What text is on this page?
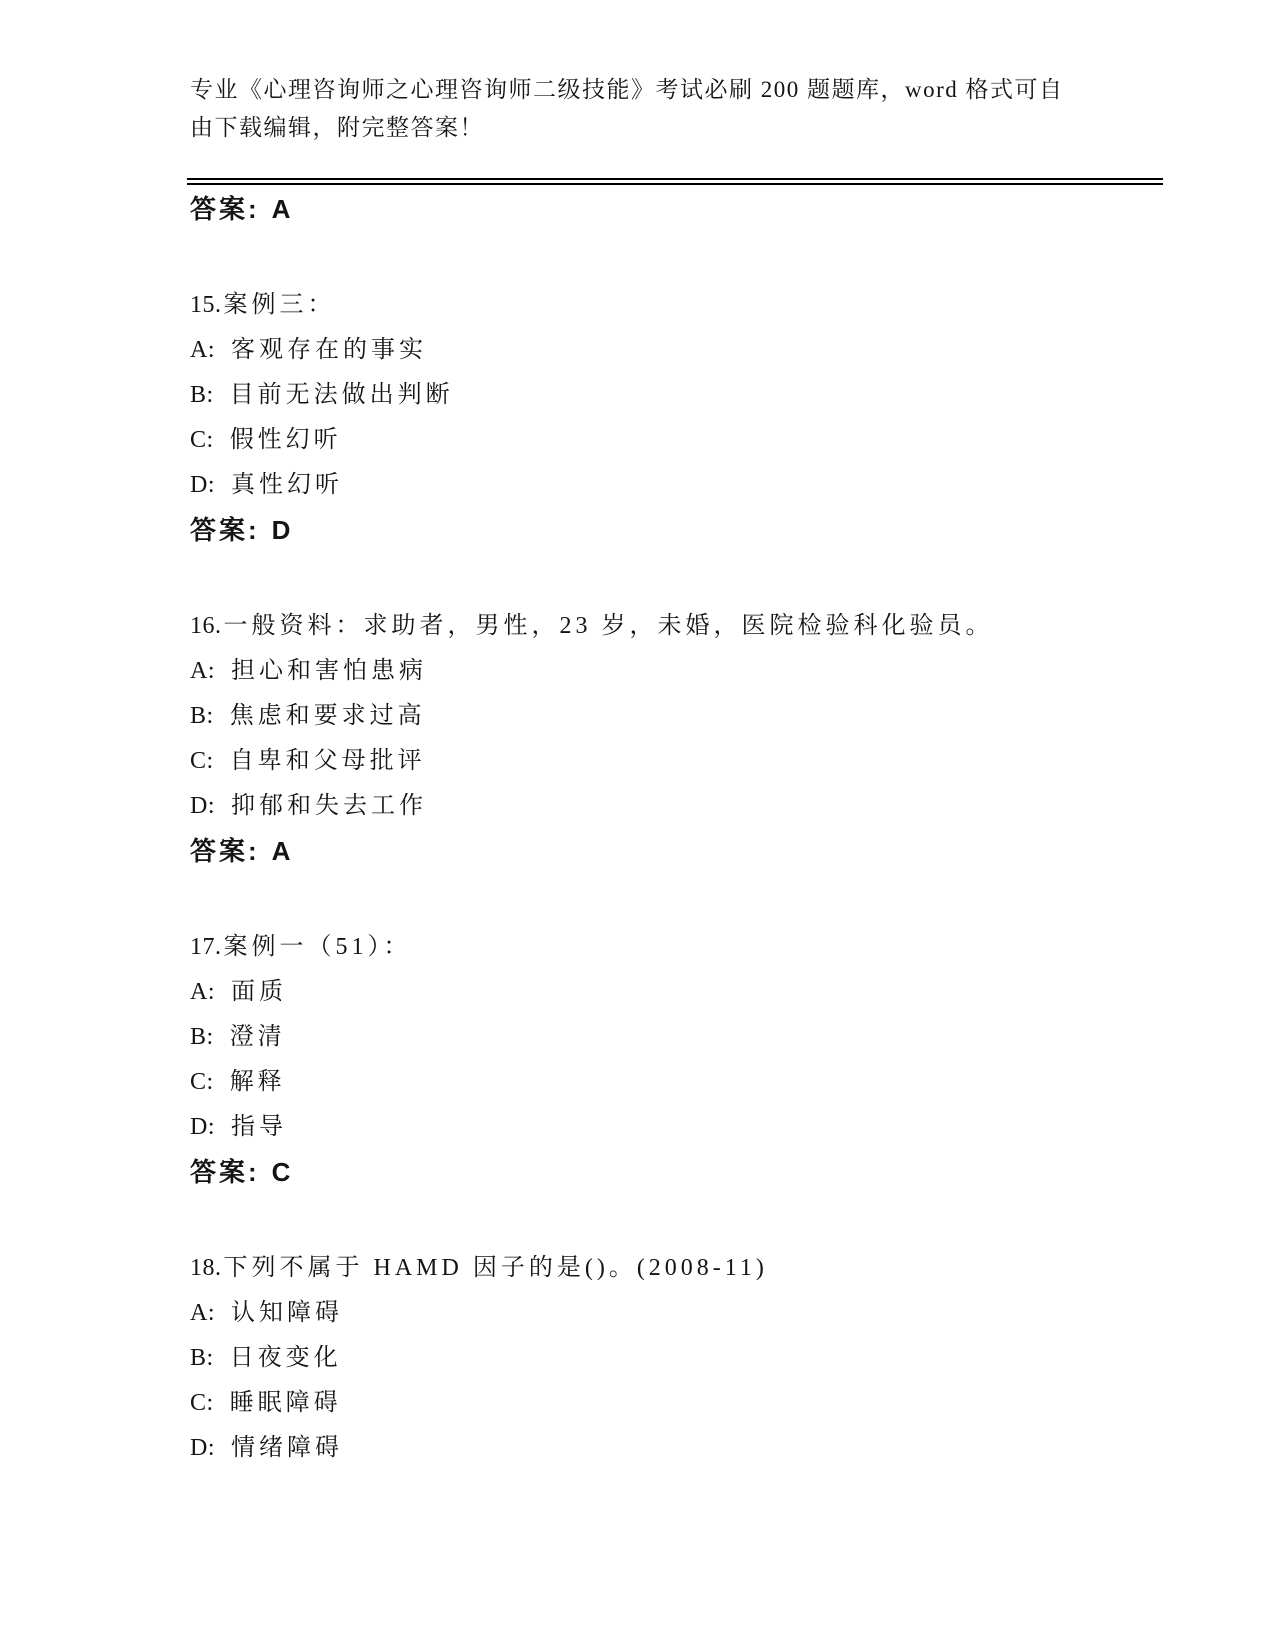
专业《心理咨询师之心理咨询师二级技能》考试必刷 200 题题库，word 格式可自
由下载编辑，附完整答案！
答案: A
15.案例三：
A: 客观存在的事实
B: 目前无法做出判断
C: 假性幻听
D: 真性幻听
答案: D
16.一般资料：求助者，男性，23 岁，未婚，医院检验科化验员。
A: 担心和害怕患病
B: 焦虑和要求过高
C: 自卑和父母批评
D: 抑郁和失去工作
答案: A
17.案例一（51）：
A: 面质
B: 澄清
C: 解释
D: 指导
答案: C
18.下列不属于 HAMD 因子的是()。(2008-11)
A: 认知障碍
B: 日夜变化
C: 睡眠障碍
D: 情绪障碍
